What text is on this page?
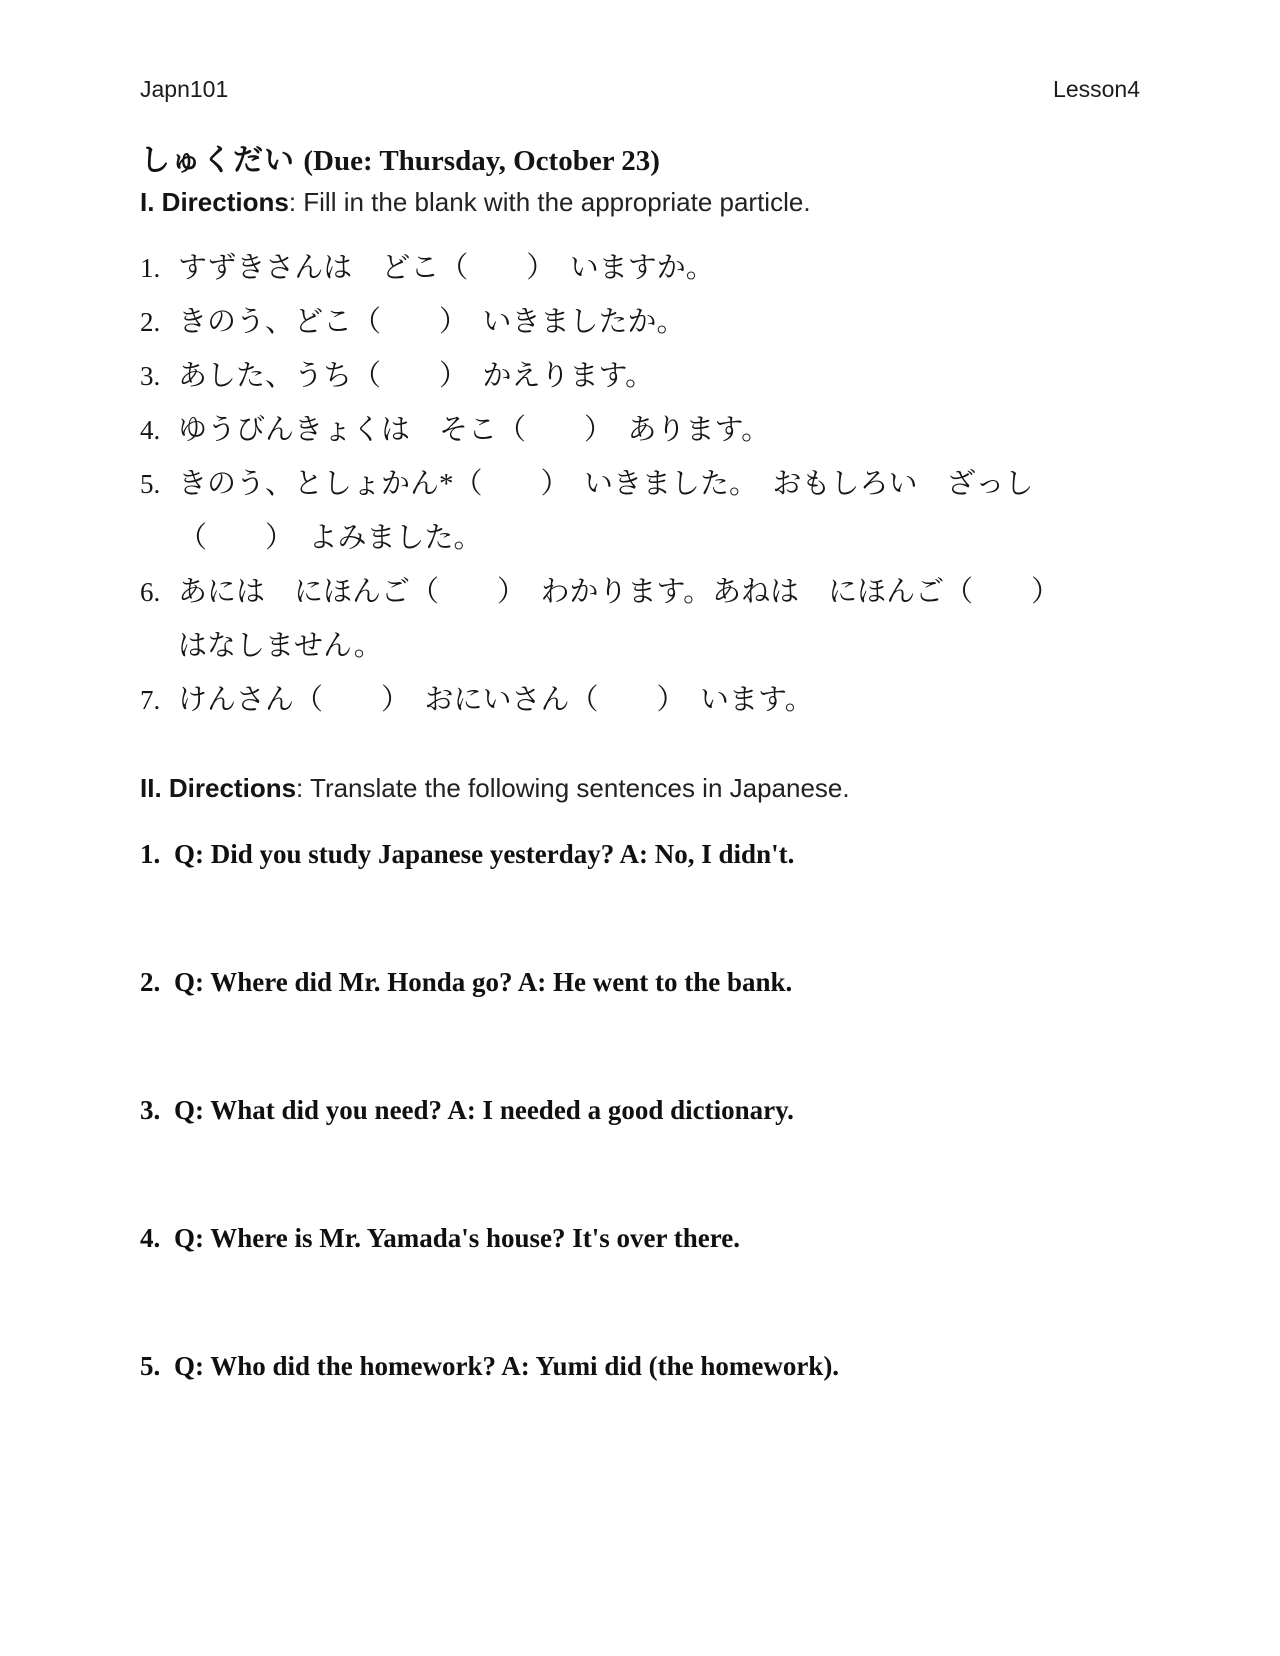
Japn101	Lesson4
しゅくだい (Due: Thursday, October 23)
I. Directions: Fill in the blank with the appropriate particle.
1. すずきさんは　どこ（　　）　いますか。
2. きのう、どこ（　　）　いきましたか。
3. あした、うち（　　）　かえります。
4. ゆうびんきょくは　そこ（　　）　あります。
5. きのう、としょかん*（　　）　いきました。　おもしろい　ざっし
（　　）　よみました。
6. あには　にほんご（　　）　わかります。あねは　にほんご（　　）
はなしません。
7. けんさん（　　）　おにいさん（　　）　います。
II. Directions: Translate the following sentences in Japanese.
1. Q: Did you study Japanese yesterday? A: No, I didn't.
2. Q: Where did Mr. Honda go? A: He went to the bank.
3. Q: What did you need? A: I needed a good dictionary.
4. Q: Where is Mr. Yamada's house? It's over there.
5. Q: Who did the homework? A: Yumi did (the homework).
